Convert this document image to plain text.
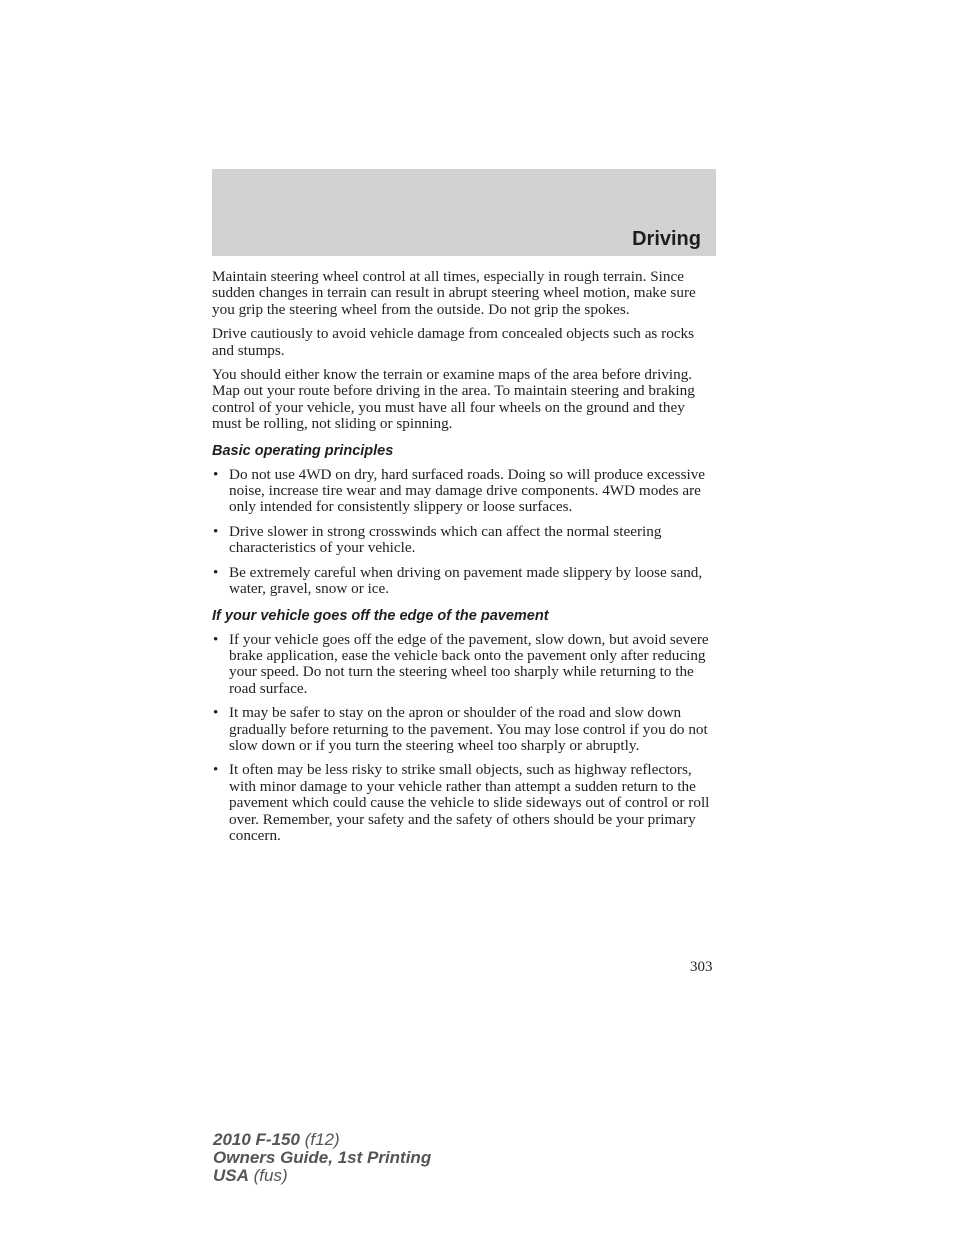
Driving

Maintain steering wheel control at all times, especially in rough terrain. Since sudden changes in terrain can result in abrupt steering wheel motion, make sure you grip the steering wheel from the outside. Do not grip the spokes.

Drive cautiously to avoid vehicle damage from concealed objects such as rocks and stumps.

You should either know the terrain or examine maps of the area before driving. Map out your route before driving in the area. To maintain steering and braking control of your vehicle, you must have all four wheels on the ground and they must be rolling, not sliding or spinning.

Basic operating principles
• Do not use 4WD on dry, hard surfaced roads. Doing so will produce excessive noise, increase tire wear and may damage drive components. 4WD modes are only intended for consistently slippery or loose surfaces.
• Drive slower in strong crosswinds which can affect the normal steering characteristics of your vehicle.
• Be extremely careful when driving on pavement made slippery by loose sand, water, gravel, snow or ice.
If your vehicle goes off the edge of the pavement
• If your vehicle goes off the edge of the pavement, slow down, but avoid severe brake application, ease the vehicle back onto the pavement only after reducing your speed. Do not turn the steering wheel too sharply while returning to the road surface.
• It may be safer to stay on the apron or shoulder of the road and slow down gradually before returning to the pavement. You may lose control if you do not slow down or if you turn the steering wheel too sharply or abruptly.
• It often may be less risky to strike small objects, such as highway reflectors, with minor damage to your vehicle rather than attempt a sudden return to the pavement which could cause the vehicle to slide sideways out of control or roll over. Remember, your safety and the safety of others should be your primary concern.
303
2010 F-150 (f12)
Owners Guide, 1st Printing
USA (fus)
